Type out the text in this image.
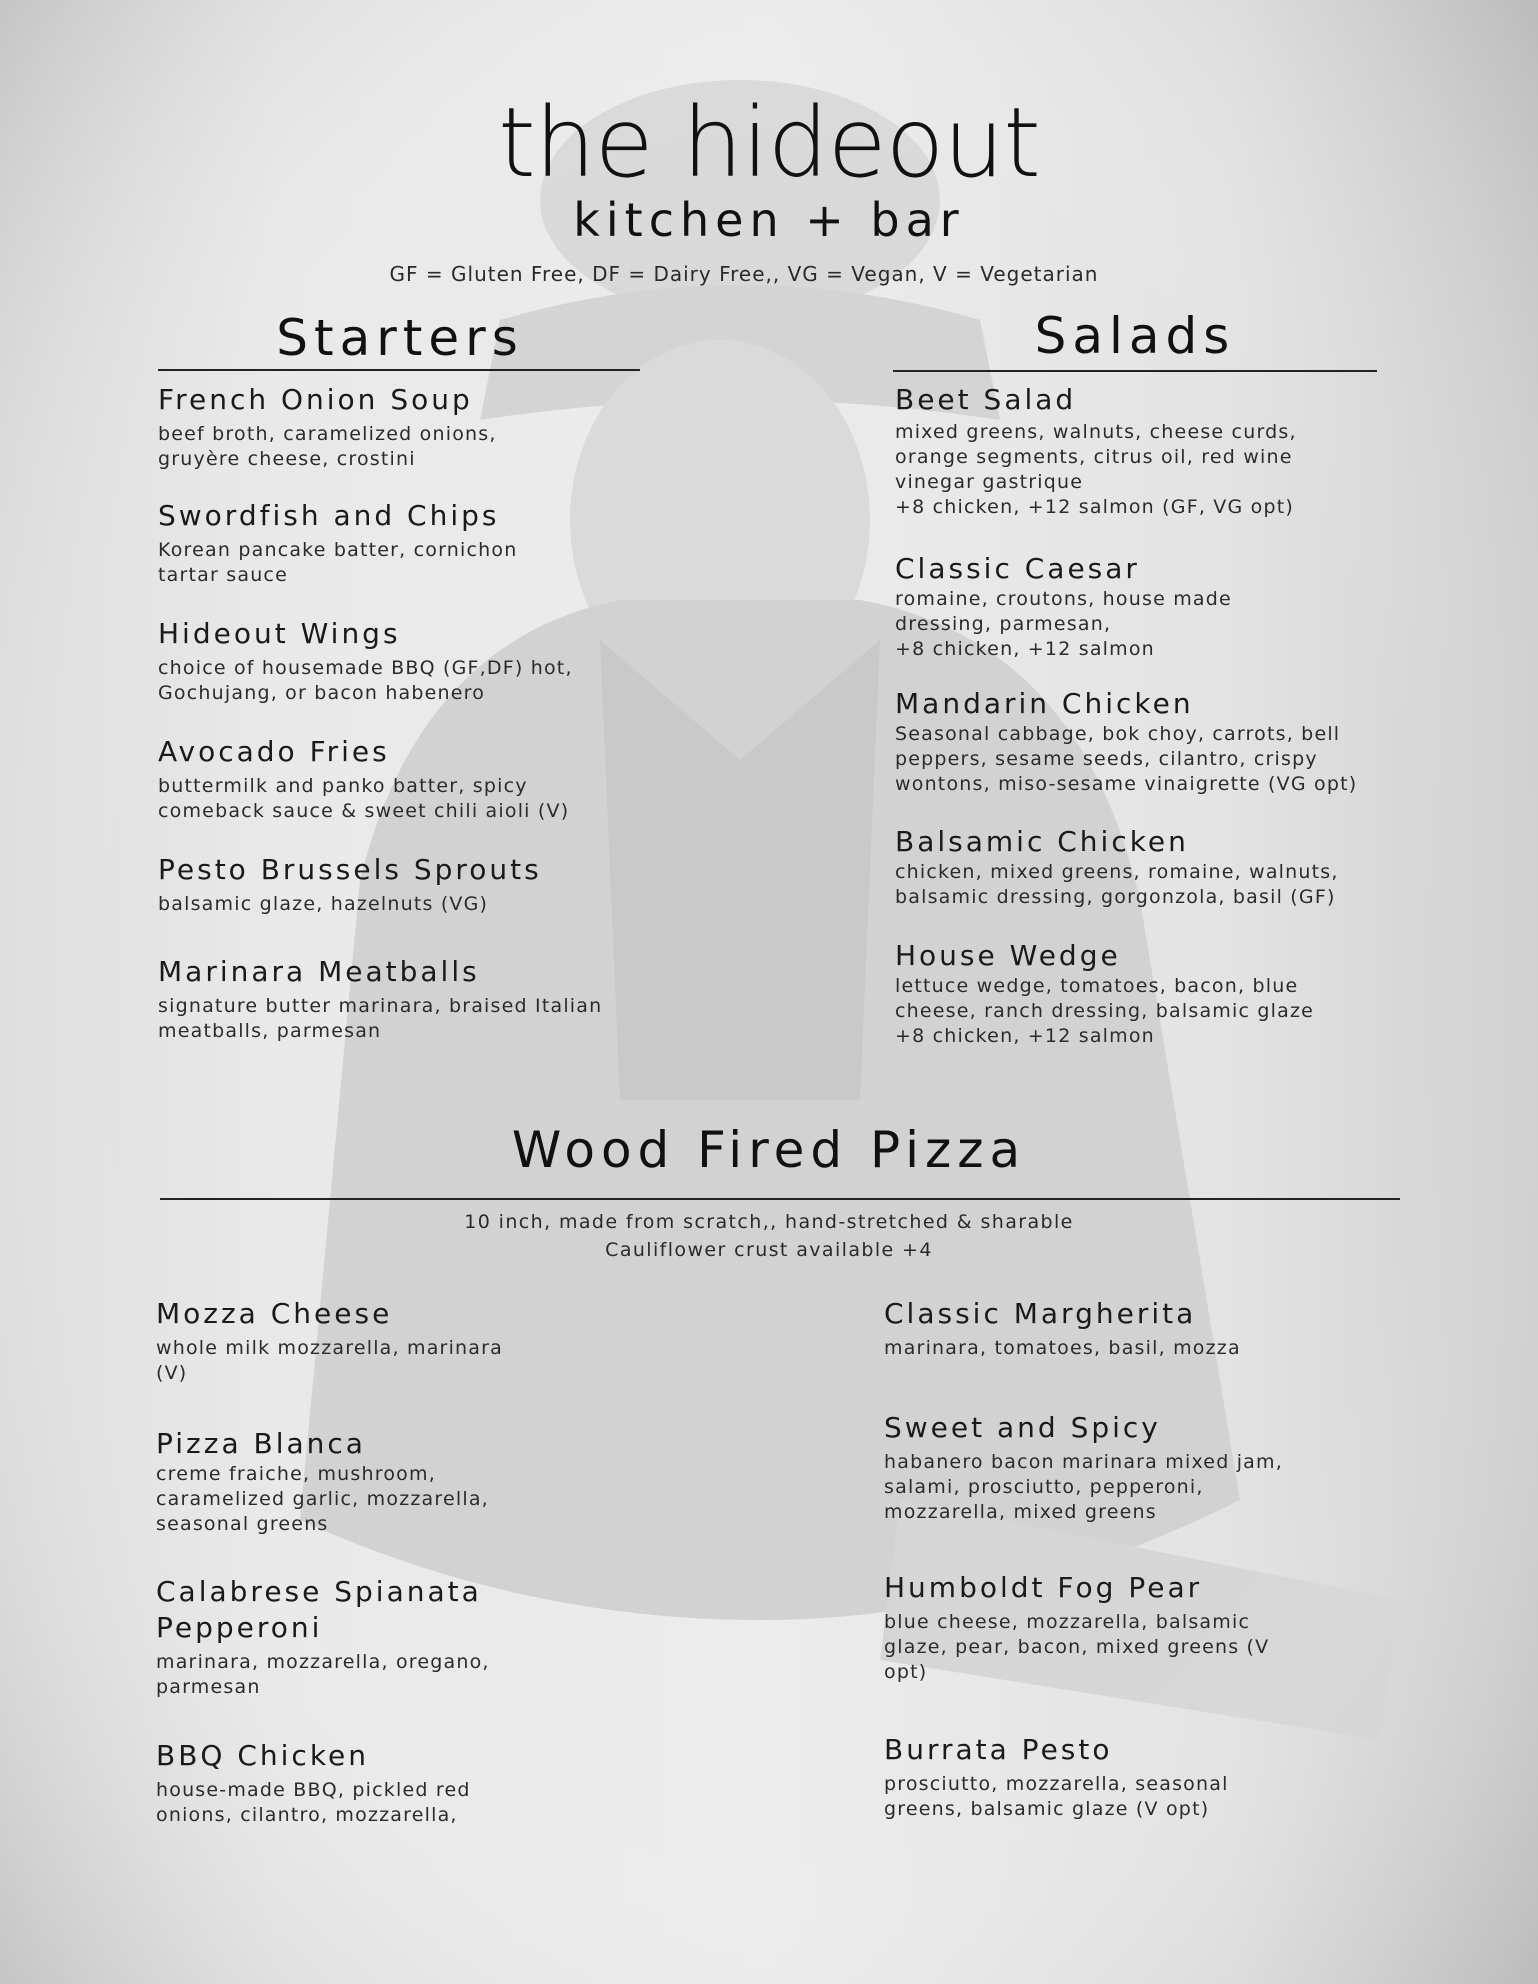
the hideout
kitchen + bar
GF = Gluten Free, DF = Dairy Free,, VG = Vegan, V = Vegetarian
Starters

French Onion Soup

beef broth, caramelized onions,
gruyère cheese, crostini

Swordfish and Chips

Korean pancake batter, cornichon
tartar sauce

Hideout Wings

choice of housemade BBQ (GF,DF) hot,
Gochujang, or bacon habenero

Avocado Fries

buttermilk and panko batter, spicy
comeback sauce & sweet chili aioli (V)

Pesto Brussels Sprouts

balsamic glaze, hazelnuts (VG)

Marinara Meatballs

signature butter marinara, braised Italian
meatballs, parmesan

Salads

Beet Salad

mixed greens, walnuts, cheese curds,
orange segments, citrus oil, red wine
vinegar gastrique
+8 chicken, +12 salmon (GF, VG opt)

Classic Caesar

romaine, croutons, house made
dressing, parmesan,
+8 chicken, +12 salmon

Mandarin Chicken

Seasonal cabbage, bok choy, carrots, bell
peppers, sesame seeds, cilantro, crispy
wontons, miso-sesame vinaigrette (VG opt)

Balsamic Chicken

chicken, mixed greens, romaine, walnuts,
balsamic dressing, gorgonzola, basil (GF)

House Wedge

lettuce wedge, tomatoes, bacon, blue
cheese, ranch dressing, balsamic glaze
+8 chicken, +12 salmon

Wood Fired Pizza
10 inch, made from scratch,, hand-stretched & sharable
Cauliflower crust available +4

Mozza Cheese

whole milk mozzarella, marinara
(V)

Pizza Blanca

creme fraiche, mushroom,
caramelized garlic, mozzarella,
seasonal greens

Calabrese Spianata
Pepperoni

marinara, mozzarella, oregano,
parmesan

BBQ Chicken

house-made BBQ, pickled red
onions, cilantro, mozzarella,

Classic Margherita

marinara, tomatoes, basil, mozza

Sweet and Spicy

habanero bacon marinara mixed jam,
salami, prosciutto, pepperoni,
mozzarella, mixed greens

Humboldt Fog Pear

blue cheese, mozzarella, balsamic
glaze, pear, bacon, mixed greens (V
opt)

Burrata Pesto

prosciutto, mozzarella, seasonal
greens, balsamic glaze (V opt)
